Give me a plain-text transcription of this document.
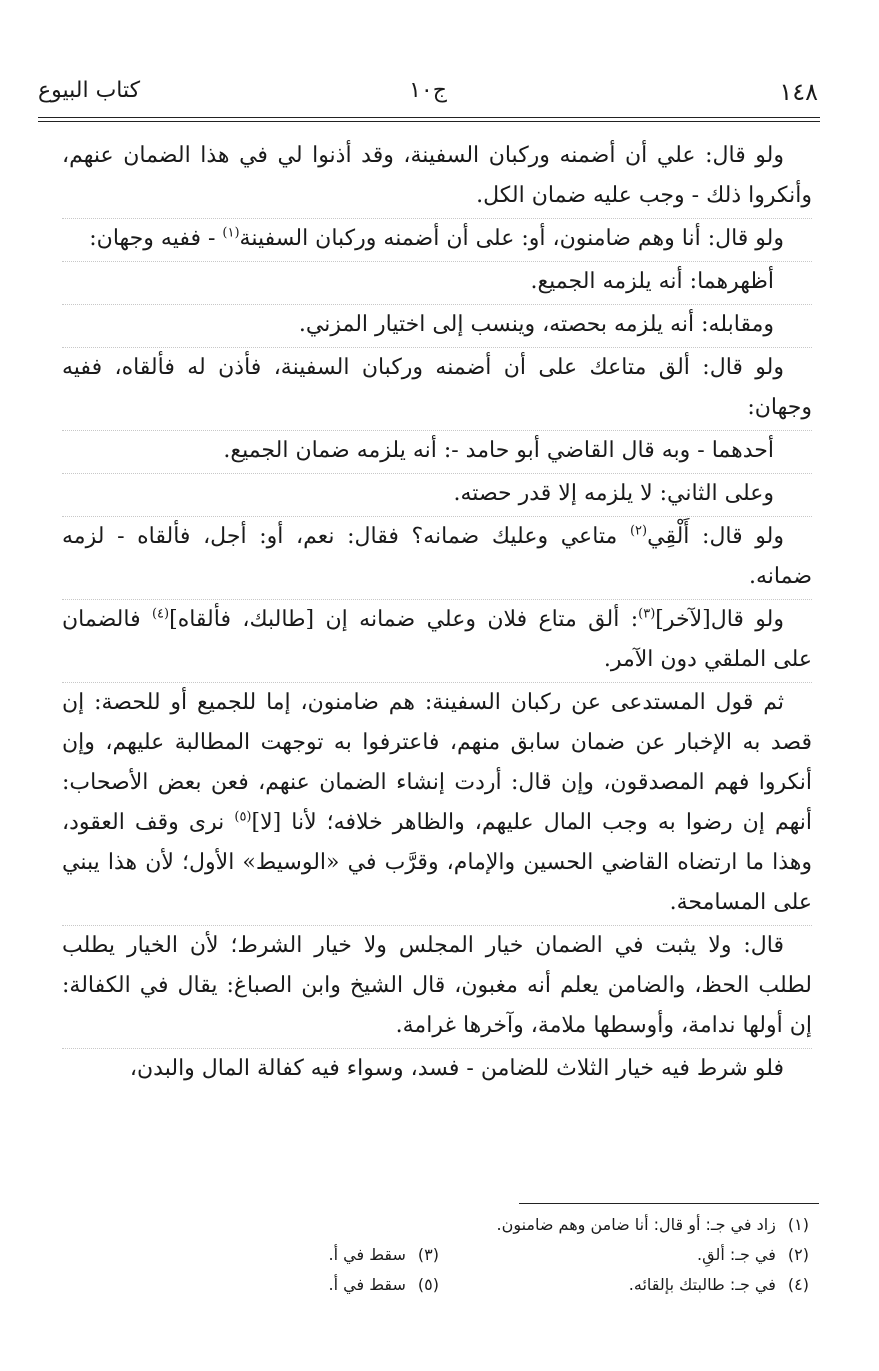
١٤٨
ج١٠
كتاب البيوع

ولو قال: علي أن أضمنه وركبان السفينة، وقد أذنوا لي في هذا الضمان عنهم، وأنكروا ذلك - وجب عليه ضمان الكل.

ولو قال: أنا وهم ضامنون، أو: على أن أضمنه وركبان السفينة$^{(١)}$ - ففيه وجهان:

أظهرهما: أنه يلزمه الجميع.

ومقابله: أنه يلزمه بحصته، وينسب إلى اختيار المزني.

ولو قال: ألق متاعك على أن أضمنه وركبان السفينة، فأذن له فألقاه، ففيه وجهان:

أحدهما - وبه قال القاضي أبو حامد -: أنه يلزمه ضمان الجميع.

وعلى الثاني: لا يلزمه إلا قدر حصته.

ولو قال: أَلْقِي$^{(٢)}$ متاعي وعليك ضمانه؟ فقال: نعم، أو: أجل، فألقاه - لزمه ضمانه.

ولو قال[لآخر]$^{(٣)}$: ألق متاع فلان وعلي ضمانه إن [طالبك، فألقاه]$^{(٤)}$ فالضمان على الملقي دون الآمر.

ثم قول المستدعى عن ركبان السفينة: هم ضامنون، إما للجميع أو للحصة: إن قصد به الإخبار عن ضمان سابق منهم، فاعترفوا به توجهت المطالبة عليهم، وإن أنكروا فهم المصدقون، وإن قال: أردت إنشاء الضمان عنهم، فعن بعض الأصحاب: أنهم إن رضوا به وجب المال عليهم، والظاهر خلافه؛ لأنا [لا]$^{(٥)}$ نرى وقف العقود، وهذا ما ارتضاه القاضي الحسين والإمام، وقرَّب في «الوسيط» الأول؛ لأن هذا يبني على المسامحة.

قال: ولا يثبت في الضمان خيار المجلس ولا خيار الشرط؛ لأن الخيار يطلب لطلب الحظ، والضامن يعلم أنه مغبون، قال الشيخ وابن الصباغ: يقال في الكفالة: إن أولها ندامة، وأوسطها ملامة، وآخرها غرامة.

فلو شرط فيه خيار الثلاث للضامن - فسد، وسواء فيه كفالة المال والبدن،

(١)زاد في جـ: أو قال: أنا ضامن وهم ضامنون.
(٢)في جـ: ألقِ.
(٣)سقط في أ.
(٤)في جـ: طالبتك بإلقائه.
(٥)سقط في أ.
